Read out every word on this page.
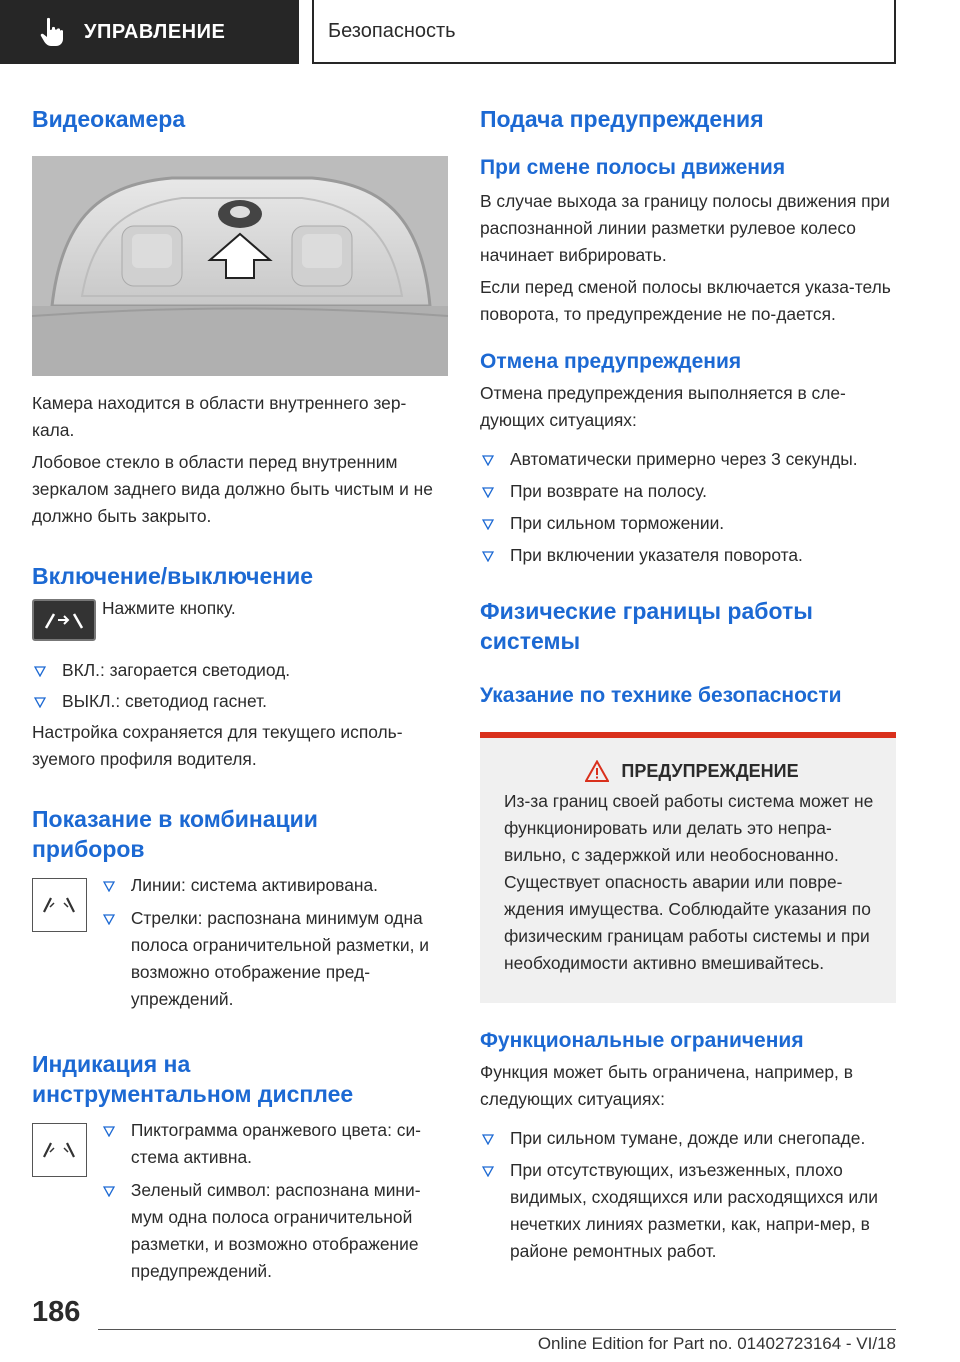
УПРАВЛЕНИЕ	Безопасность
Видеокамера

Камера находится в области внутреннего зер-кала.

Лобовое стекло в области перед внутренним зеркалом заднего вида должно быть чистым и не должно быть закрыто.

Включение/выключение

Нажмите кнопку.

ВКЛ.: загорается светодиод.
ВЫКЛ.: светодиод гаснет.

Настройка сохраняется для текущего исполь-зуемого профиля водителя.

Показание в комбинации
приборов
Линии: система активирована.
Стрелки: распознана минимум одна полоса ограничительной разметки, и возможно отображение пред-упреждений.
Индикация на
инструментальном дисплее
Пиктограмма оранжевого цвета: си-стема активна.
Зеленый символ: распознана мини-мум одна полоса ограничительной разметки, и возможно отображение предупреждений.
Подача предупреждения
При смене полосы движения

В случае выхода за границу полосы движения при распознанной линии разметки рулевое колесо начинает вибрировать.

Если перед сменой полосы включается указа-тель поворота, то предупреждение не по-дается.

Отмена предупреждения

Отмена предупреждения выполняется в сле-дующих ситуациях:

Автоматически примерно через 3 секунды.
При возврате на полосу.
При сильном торможении.
При включении указателя поворота.
Физические границы работы
системы
Указание по технике безопасности
ПРЕДУПРЕЖДЕНИЕ

Из-за границ своей работы система может не функционировать или делать это непра-вильно, с задержкой или необоснованно. Существует опасность аварии или повре-ждения имущества. Соблюдайте указания по физическим границам работы системы и при необходимости активно вмешивайтесь.

Функциональные ограничения

Функция может быть ограничена, например, в следующих ситуациях:

При сильном тумане, дожде или снегопаде.
При отсутствующих, изъезженных, плохо видимых, сходящихся или расходящихся или нечетких линиях разметки, как, напри-мер, в районе ремонтных работ.
186
Online Edition for Part no. 01402723164 - VI/18
